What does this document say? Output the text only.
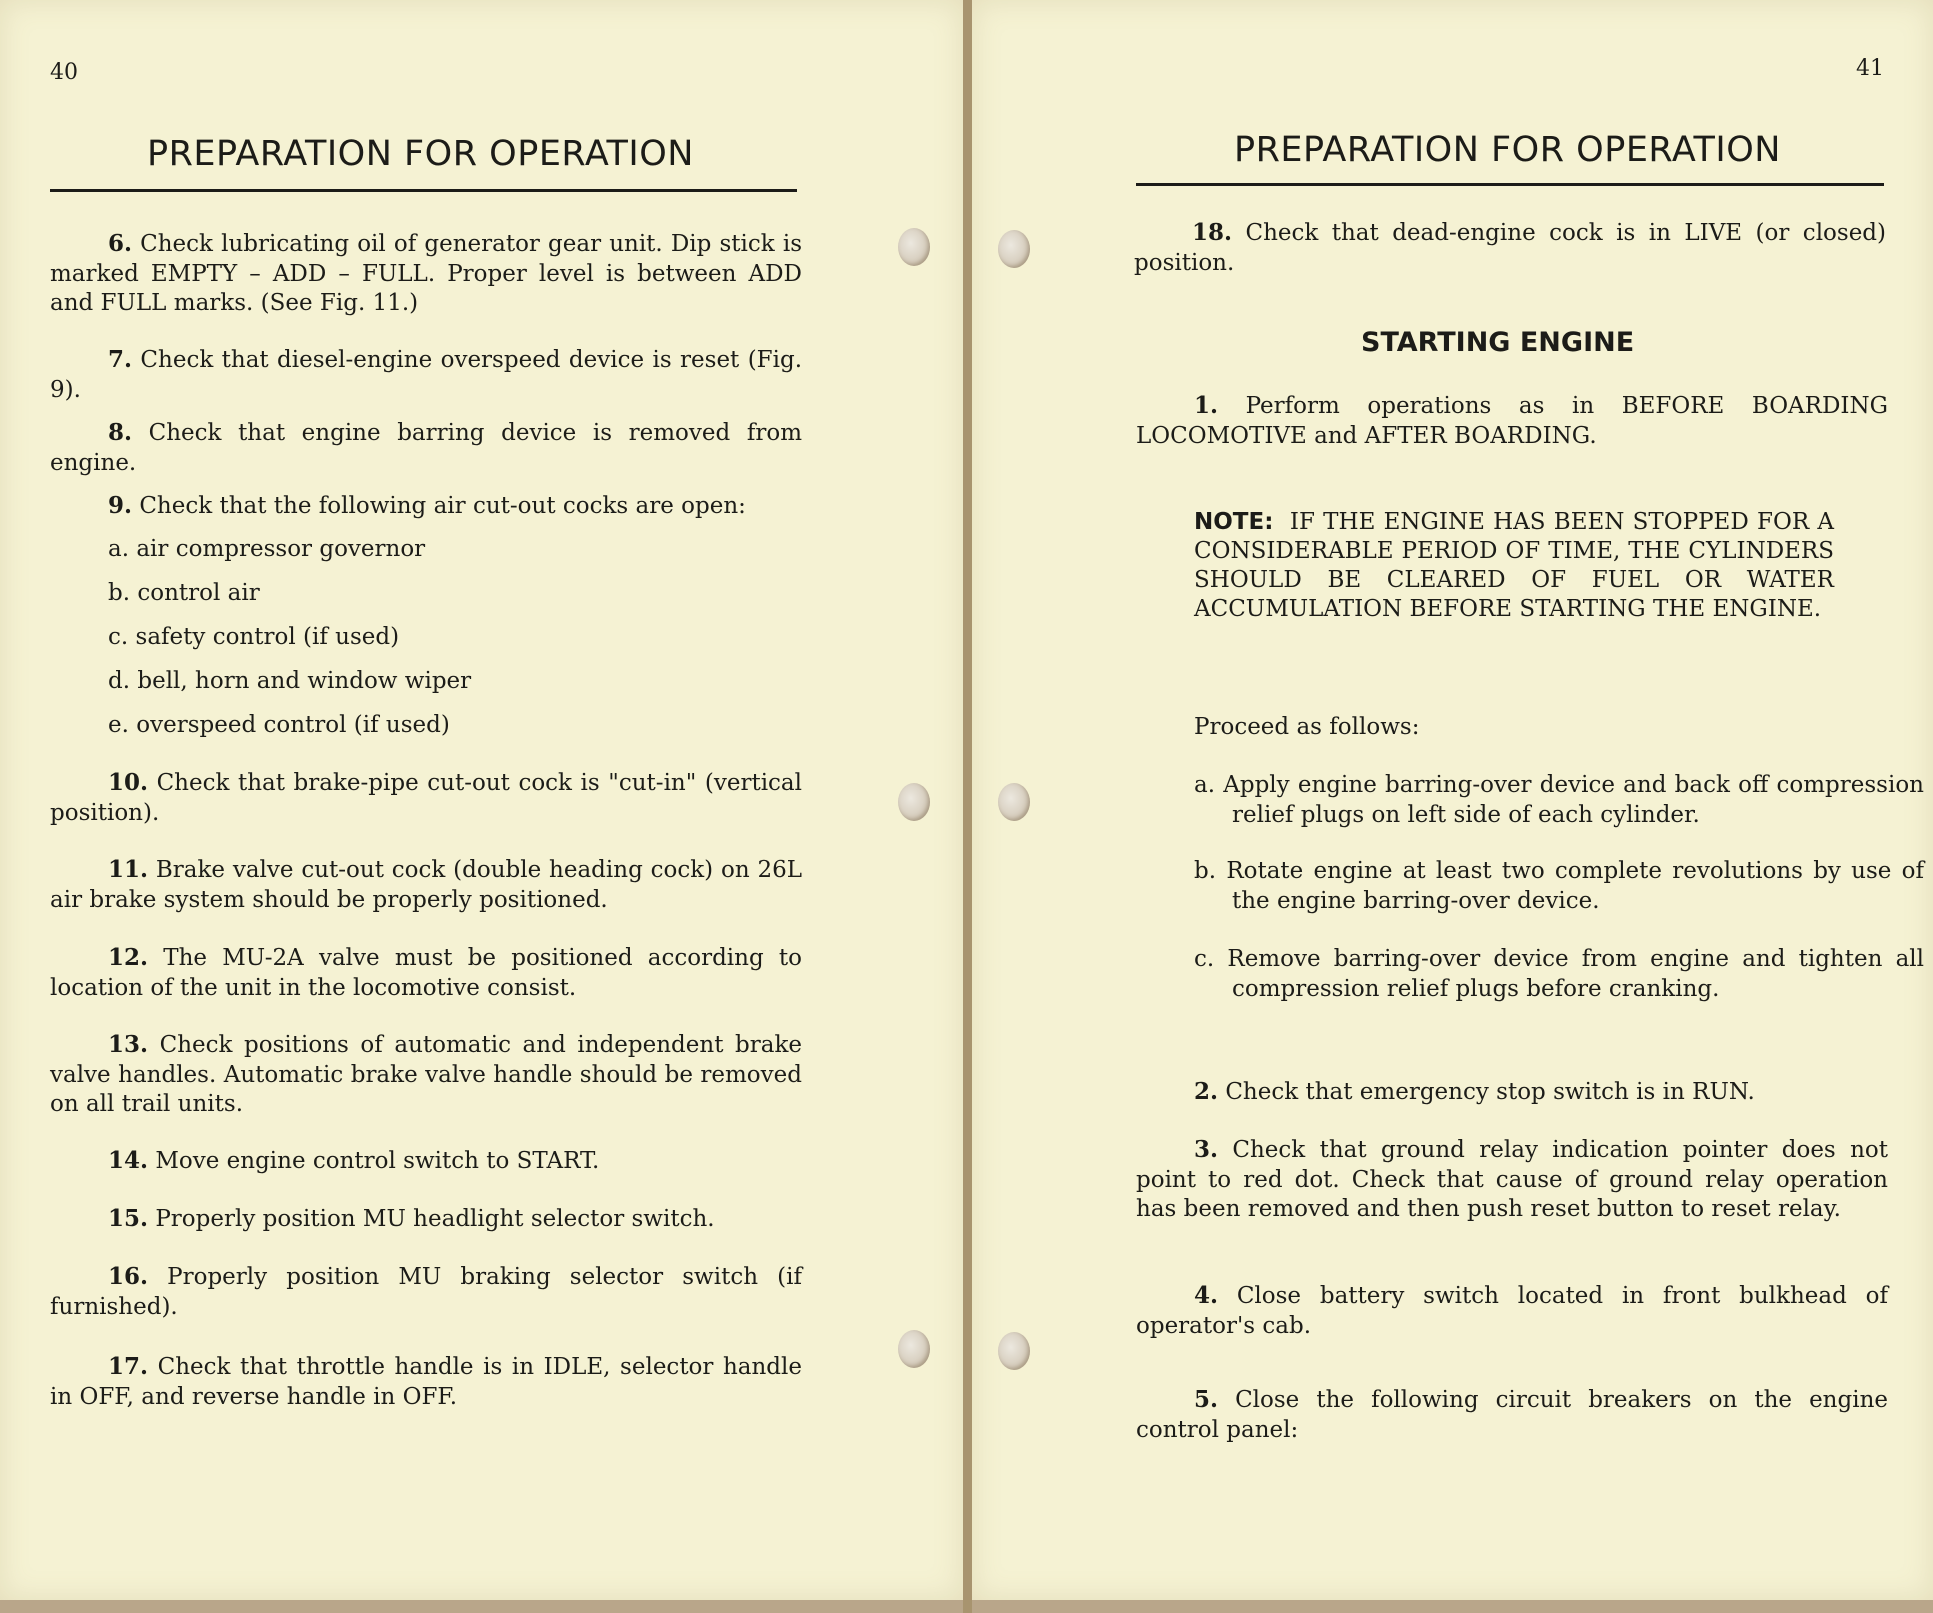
40
PREPARATION FOR OPERATION

6. Check lubricating oil of generator gear unit. Dip stick is marked EMPTY – ADD – FULL. Proper level is between ADD and FULL marks. (See Fig. 11.)

7. Check that diesel-engine overspeed device is reset (Fig. 9).

8. Check that engine barring device is removed from engine.

9. Check that the following air cut-out cocks are open:

a. air compressor governor

b. control air

c. safety control (if used)

d. bell, horn and window wiper

e. overspeed control (if used)

10. Check that brake-pipe cut-out cock is "cut-in" (vertical position).

11. Brake valve cut-out cock (double heading cock) on 26L air brake system should be properly positioned.

12. The MU-2A valve must be positioned according to location of the unit in the locomotive consist.

13. Check positions of automatic and independent brake valve handles. Automatic brake valve handle should be removed on all trail units.

14. Move engine control switch to START.

15. Properly position MU headlight selector switch.

16. Properly position MU braking selector switch (if furnished).

17. Check that throttle handle is in IDLE, selector handle in OFF, and reverse handle in OFF.

41
PREPARATION FOR OPERATION

18. Check that dead-engine cock is in LIVE (or closed) position.

STARTING ENGINE

1. Perform operations as in BEFORE BOARDING LOCOMOTIVE and AFTER BOARDING.

NOTE: IF THE ENGINE HAS BEEN STOPPED FOR A CONSIDERABLE PERIOD OF TIME, THE CYLINDERS SHOULD BE CLEARED OF FUEL OR WATER ACCUMULATION BEFORE STARTING THE ENGINE.

Proceed as follows:

a. Apply engine barring-over device and back off compression relief plugs on left side of each cylinder.

b. Rotate engine at least two complete revolutions by use of the engine barring-over device.

c. Remove barring-over device from engine and tighten all compression relief plugs before cranking.

2. Check that emergency stop switch is in RUN.

3. Check that ground relay indication pointer does not point to red dot. Check that cause of ground relay operation has been removed and then push reset button to reset relay.

4. Close battery switch located in front bulkhead of operator's cab.

5. Close the following circuit breakers on the engine control panel:
